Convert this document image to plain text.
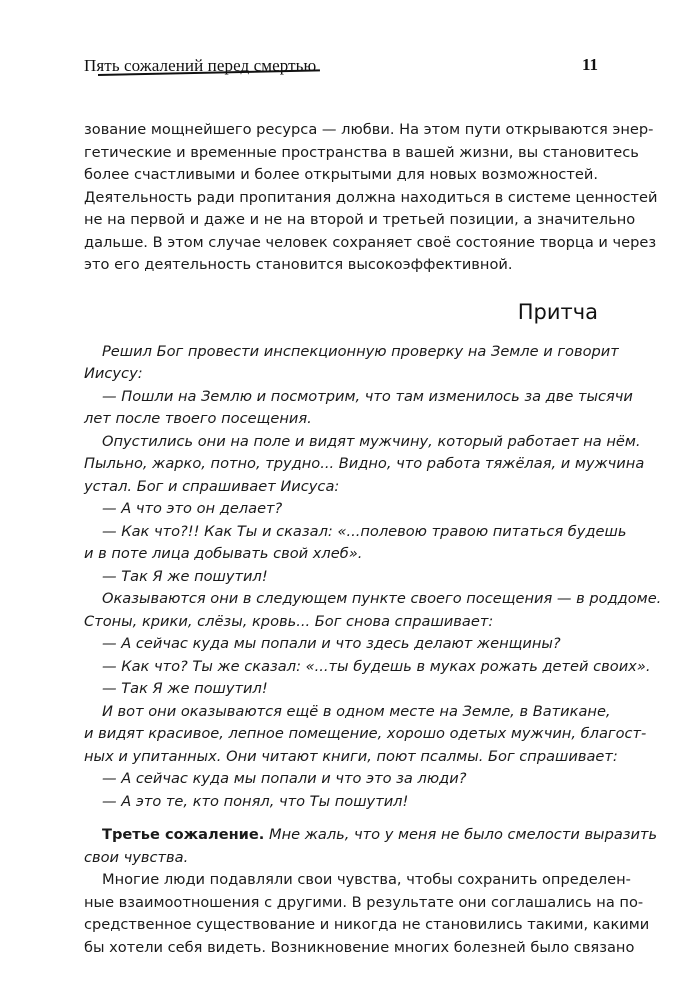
Пять сожалений перед смертью	11
зование мощнейшего ресурса — любви. На этом пути открываются энер-
гетические и временные пространства в вашей жизни, вы становитесь
более счастливыми и более открытыми для новых возможностей.
Деятельность ради пропитания должна находиться в системе ценностей
не на первой и даже и не на второй и третьей позиции, а значительно
дальше. В этом случае человек сохраняет своё состояние творца и через
это его деятельность становится высокоэффективной.
Притча
Решил Бог провести инспекционную проверку на Земле и говорит
Иисусу:
— Пошли на Землю и посмотрим, что там изменилось за две тысячи
лет после твоего посещения.
Опустились они на поле и видят мужчину, который работает на нём.
Пыльно, жарко, потно, трудно... Видно, что работа тяжёлая, и мужчина
устал. Бог и спрашивает Иисуса:
— А что это он делает?
— Как что?!! Как Ты и сказал: «...полевою травою питаться будешь
и в поте лица добывать свой хлеб».
— Так Я же пошутил!
Оказываются они в следующем пункте своего посещения — в роддоме.
Стоны, крики, слёзы, кровь... Бог снова спрашивает:
— А сейчас куда мы попали и что здесь делают женщины?
— Как что? Ты же сказал: «...ты будешь в муках рожать детей своих».
— Так Я же пошутил!
И вот они оказываются ещё в одном месте на Земле, в Ватикане,
и видят красивое, лепное помещение, хорошо одетых мужчин, благост-
ных и упитанных. Они читают книги, поют псалмы. Бог спрашивает:
— А сейчас куда мы попали и что это за люди?
— А это те, кто понял, что Ты пошутил!
Третье сожаление. Мне жаль, что у меня не было смелости выразить
свои чувства.
Многие люди подавляли свои чувства, чтобы сохранить определен-
ные взаимоотношения с другими. В результате они соглашались на по-
средственное существование и никогда не становились такими, какими
бы хотели себя видеть. Возникновение многих болезней было связано
